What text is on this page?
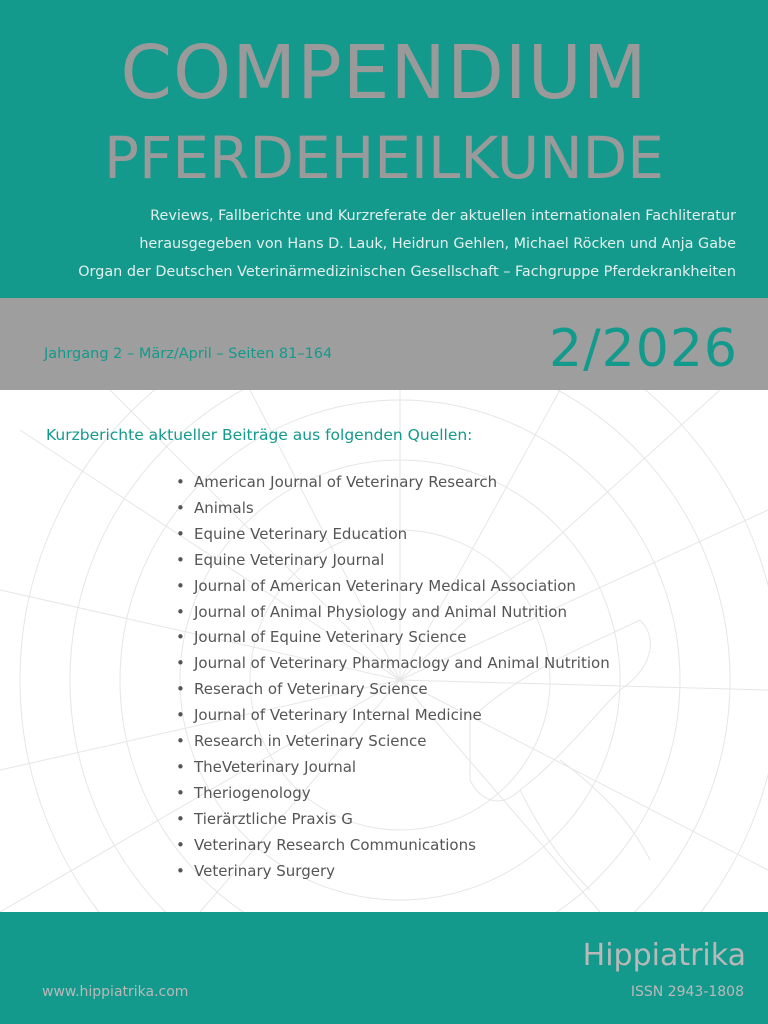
COMPENDIUM
PFERDEHEILKUNDE
Reviews, Fallberichte und Kurzreferate der aktuellen internationalen Fachliteratur
herausgegeben von Hans D. Lauk, Heidrun Gehlen, Michael Röcken und Anja Gabe
Organ der Deutschen Veterinärmedizinischen Gesellschaft – Fachgruppe Pferdekrankheiten
Jahrgang 2 – März/April – Seiten 81–164	2/2026
Kurzberichte aktueller Beiträge aus folgenden Quellen:
• American Journal of Veterinary Research
• Animals
• Equine Veterinary Education
• Equine Veterinary Journal
• Journal of American Veterinary Medical Association
• Journal of Animal Physiology and Animal Nutrition
• Journal of Equine Veterinary Science
• Journal of Veterinary Pharmaclogy and Animal Nutrition
• Reserach of Veterinary Science
• Journal of Veterinary Internal Medicine
• Research in Veterinary Science
• TheVeterinary Journal
• Theriogenology
• Tierärztliche Praxis G
• Veterinary Research Communications
• Veterinary Surgery
Hippiatrika
ISSN 2943-1808
www.hippiatrika.com
